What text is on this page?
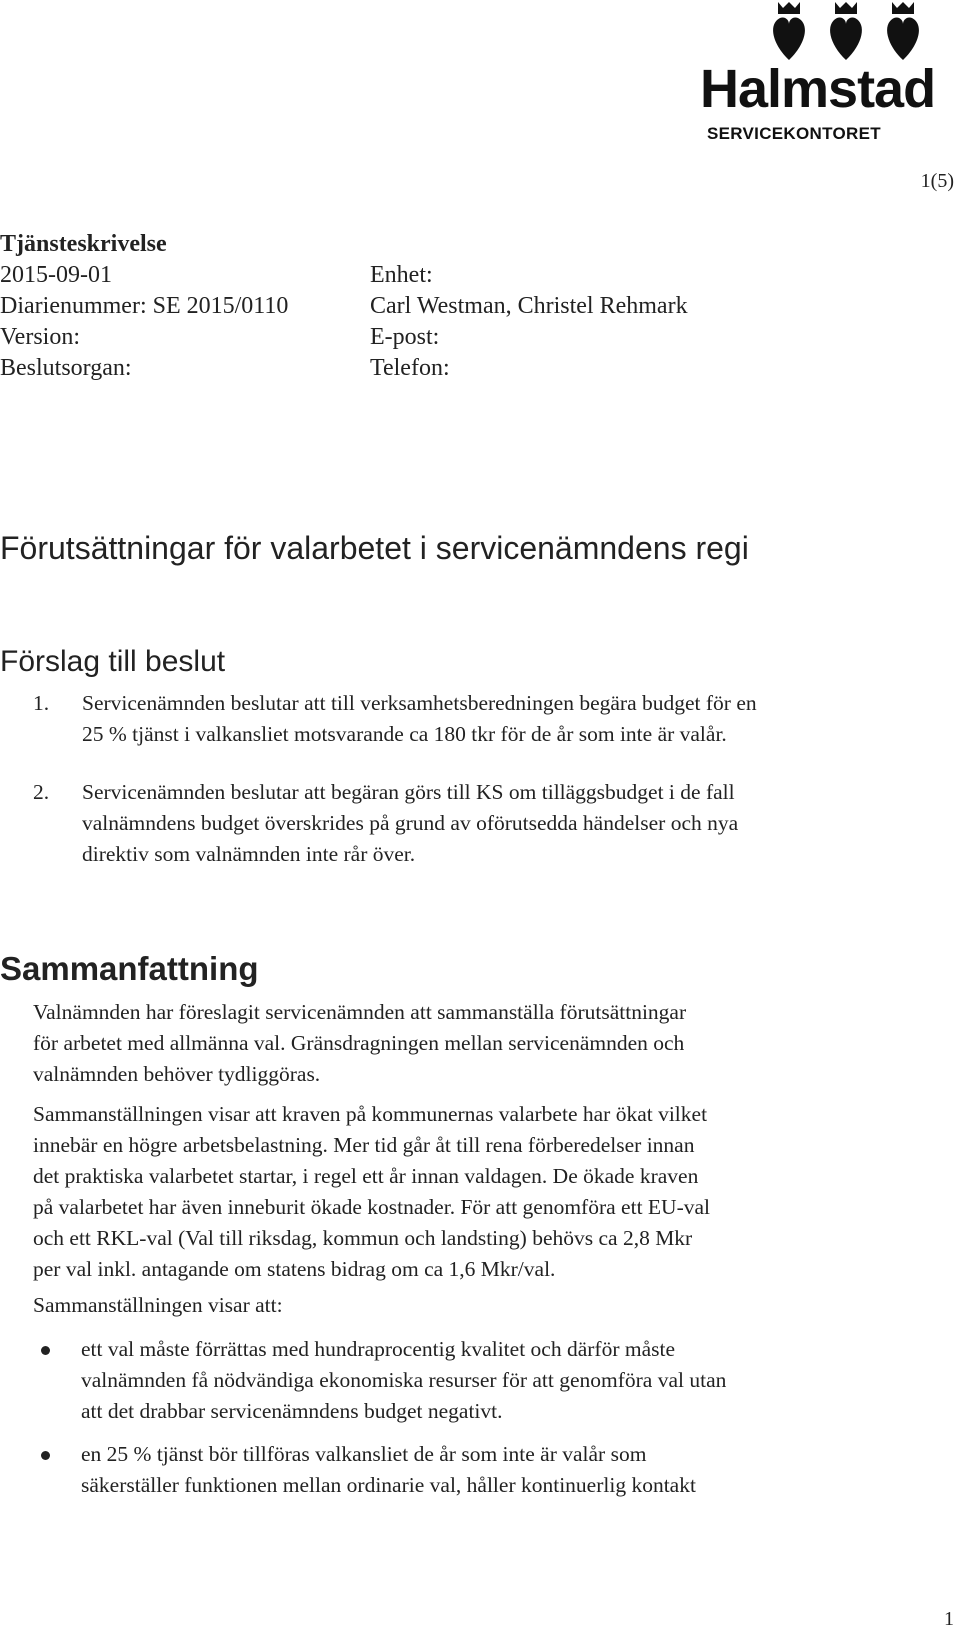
Halmstad
SERVICEKONTORET
1(5)
Tjänsteskrivelse
2015-09-01
Diarienummer: SE 2015/0110
Version:
Beslutsorgan:
Enhet:
Carl Westman, Christel Rehmark
E-post:
Telefon:
Förutsättningar för valarbetet i servicenämndens regi
Förslag till beslut
1. Servicenämnden beslutar att till verksamhetsberedningen begära budget för en
25 % tjänst i valkansliet motsvarande ca 180 tkr för de år som inte är valår.
2. Servicenämnden beslutar att begäran görs till KS om tilläggsbudget i de fall
valnämndens budget överskrides på grund av oförutsedda händelser och nya
direktiv som valnämnden inte rår över.
Sammanfattning
Valnämnden har föreslagit servicenämnden att sammanställa förutsättningar
för arbetet med allmänna val. Gränsdragningen mellan servicenämnden och
valnämnden behöver tydliggöras.
Sammanställningen visar att kraven på kommunernas valarbete har ökat vilket
innebär en högre arbetsbelastning. Mer tid går åt till rena förberedelser innan
det praktiska valarbetet startar, i regel ett år innan valdagen. De ökade kraven
på valarbetet har även inneburit ökade kostnader. För att genomföra ett EU-val
och ett RKL-val (Val till riksdag, kommun och landsting) behövs ca 2,8 Mkr
per val inkl. antagande om statens bidrag om ca 1,6 Mkr/val.
Sammanställningen visar att:
ett val måste förrättas med hundraprocentig kvalitet och därför måste
valnämnden få nödvändiga ekonomiska resurser för att genomföra val utan
att det drabbar servicenämndens budget negativt.
en 25 % tjänst bör tillföras valkansliet de år som inte är valår som
säkerställer funktionen mellan ordinarie val, håller kontinuerlig kontakt
1
